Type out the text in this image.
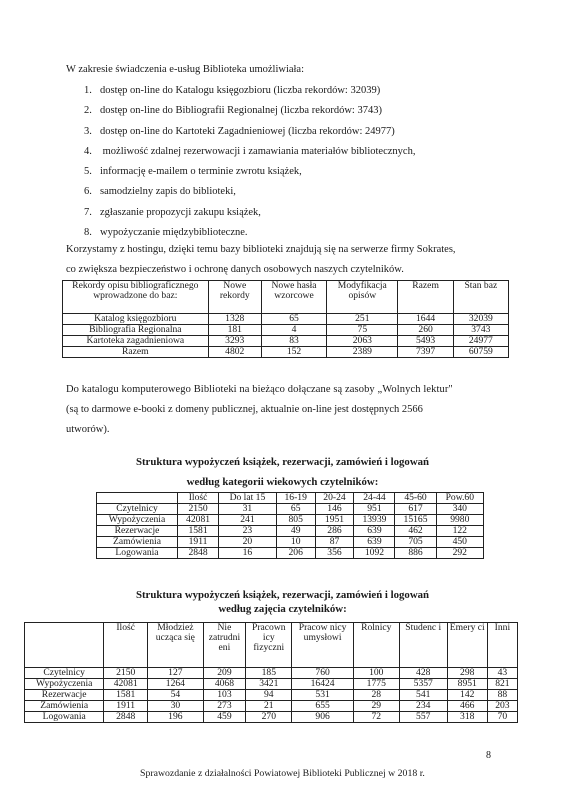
W zakresie świadczenia e-usług Biblioteka umożliwiała:
1. dostęp on-line do Katalogu księgozbioru (liczba rekordów: 32039)
2. dostęp on-line do Bibliografii Regionalnej (liczba rekordów: 3743)
3. dostęp on-line do Kartoteki Zagadnieniowej (liczba rekordów: 24977)
4. możliwość zdalnej rezerwowacji i zamawiania materiałów bibliotecznych,
5. informację e-mailem o terminie zwrotu książek,
6. samodzielny zapis do biblioteki,
7. zgłaszanie propozycji zakupu książek,
8. wypożyczanie międzybiblioteczne.
Korzystamy z hostingu, dzięki temu bazy biblioteki znajdują się na serwerze firmy Sokrates,
co zwiększa bezpieczeństwo i ochronę danych osobowych naszych czytelników.
Rekordy opisu bibliograficznego wprowadzone do baz:	Nowe rekordy	Nowe hasła wzorcowe	Modyfikacja opisów	Razem	Stan baz
Katalog księgozbioru	1328	65	251	1644	32039
Bibliografia Regionalna	181	4	75	260	3743
Kartoteka zagadnieniowa	3293	83	2063	5493	24977
Razem	4802	152	2389	7397	60759
Do katalogu komputerowego Biblioteki na bieżąco dołączane są zasoby „Wolnych lektur"
(są to darmowe e-booki z domeny publicznej, aktualnie on-line jest dostępnych 2566
utworów).
Struktura wypożyczeń książek, rezerwacji, zamówień i logowań
według kategorii wiekowych czytelników:
	Ilość	Do lat 15	16-19	20-24	24-44	45-60	Pow.60
Czytelnicy	2150	31	65	146	951	617	340
Wypożyczenia	42081	241	805	1951	13939	15165	9980
Rezerwacje	1581	23	49	286	639	462	122
Zamówienia	1911	20	10	87	639	705	450
Logowania	2848	16	206	356	1092	886	292
Struktura wypożyczeń książek, rezerwacji, zamówień i logowań
według zajęcia czytelników:
	Ilość	Młodzież ucząca się	Nie zatrudni eni	Pracown icy fizyczni	Pracow nicy umysłowi	Rolnicy	Studenc i	Emery ci	Inni
Czytelnicy	2150	127	209	185	760	100	428	298	43
Wypożyczenia	42081	1264	4068	3421	16424	1775	5357	8951	821
Rezerwacje	1581	54	103	94	531	28	541	142	88
Zamówienia	1911	30	273	21	655	29	234	466	203
Logowania	2848	196	459	270	906	72	557	318	70
8
Sprawozdanie z działalności Powiatowej Biblioteki Publicznej w 2018 r.
